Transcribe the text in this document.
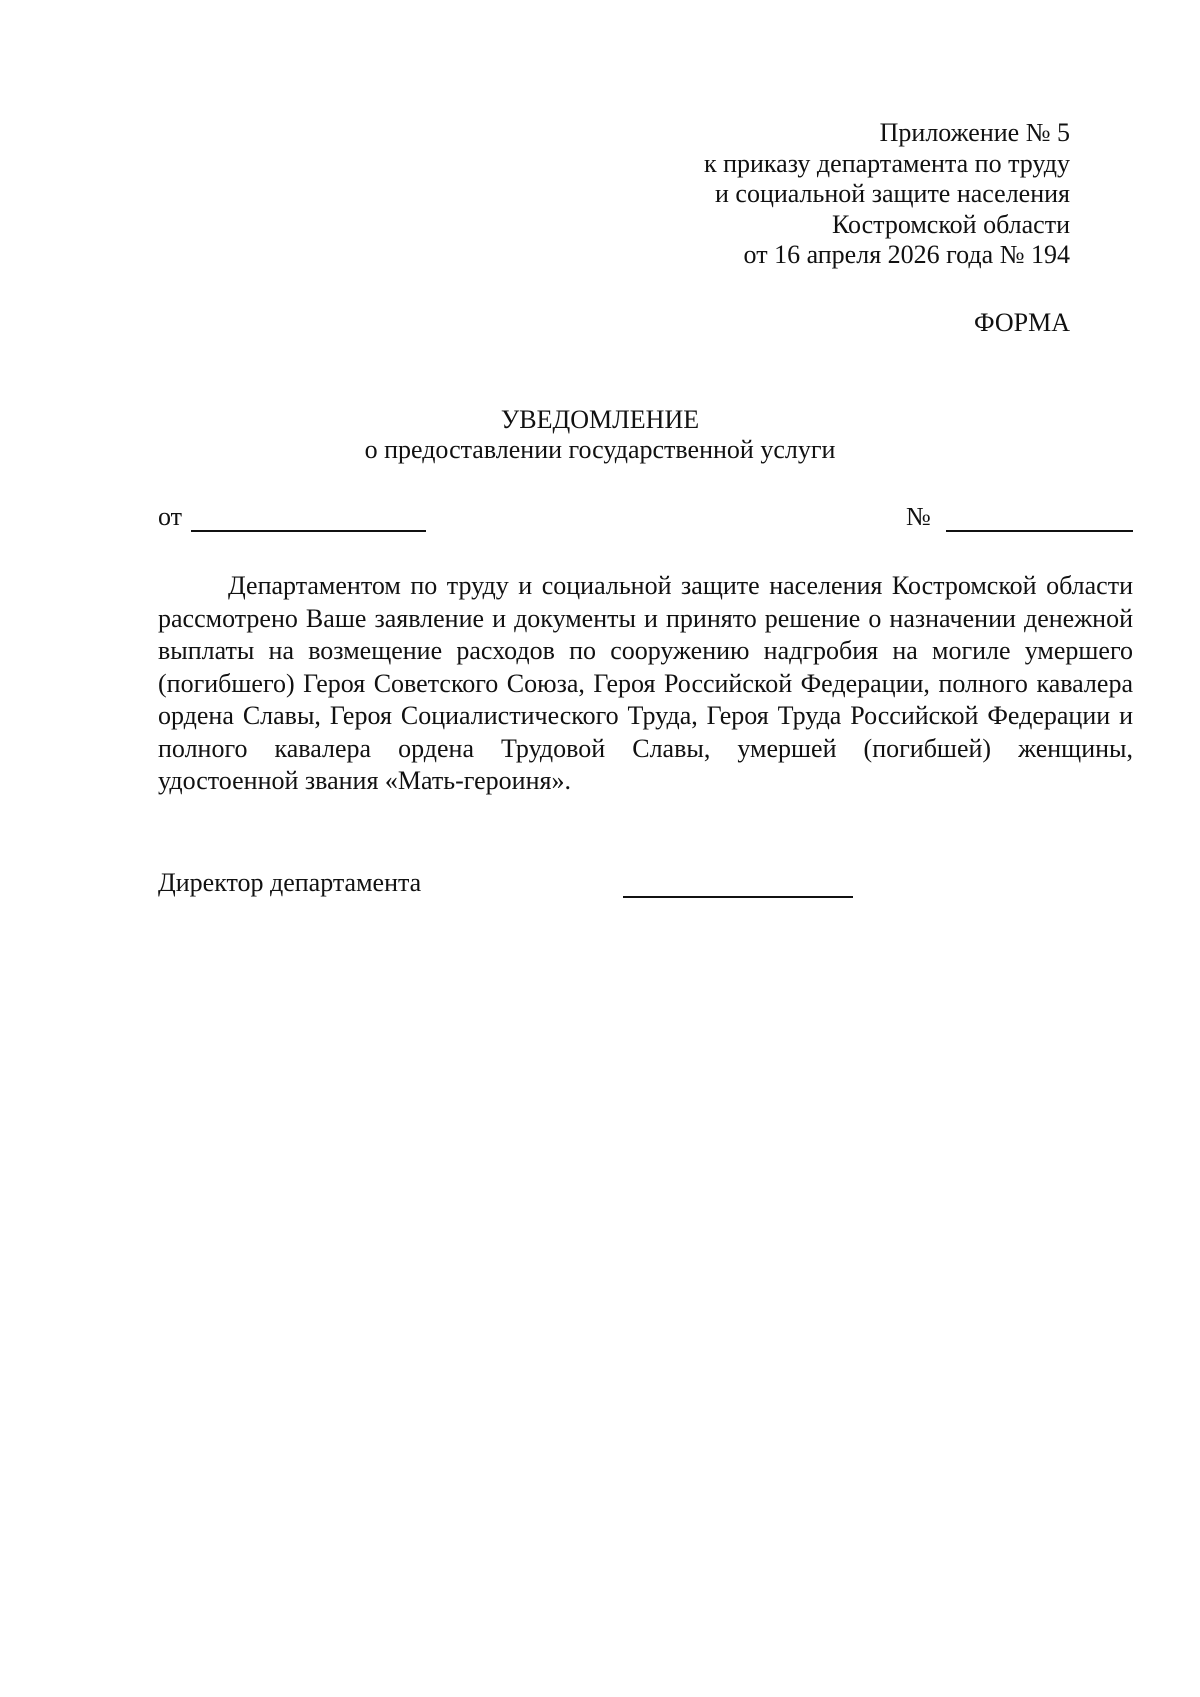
Приложение № 5
к приказу департамента по труду
и социальной защите населения
Костромской области
от 16 апреля 2026 года № 194
ФОРМА
УВЕДОМЛЕНИЕ
о предоставлении государственной услуги
от	№

Департаментом по труду и социальной защите населения Костромской области рассмотрено Ваше заявление и документы и принято решение о назначении денежной выплаты на возмещение расходов по сооружению надгробия на могиле умершего (погибшего) Героя Советского Союза, Героя Российской Федерации, полного кавалера ордена Славы, Героя Социалистического Труда, Героя Труда Российской Федерации и полного кавалера ордена Трудовой Славы, умершей (погибшей) женщины, удостоенной звания «Мать-героиня».

Директор департамента
